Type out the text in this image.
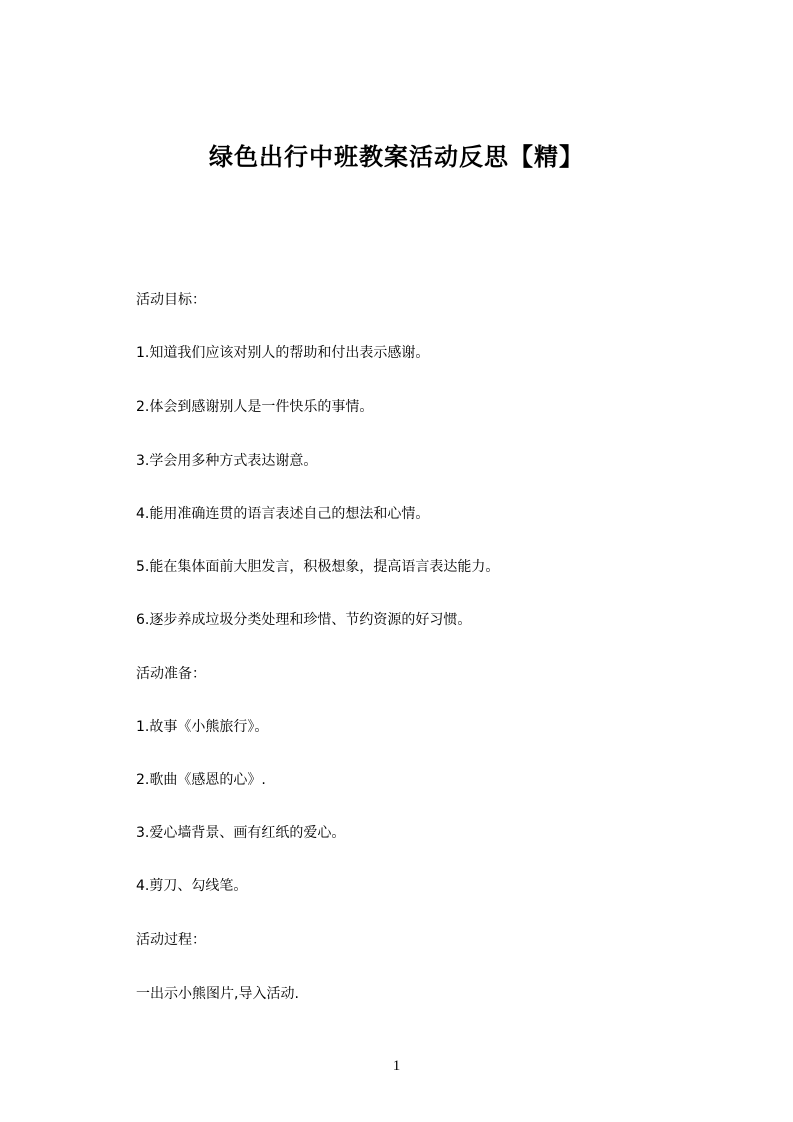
绿色出行中班教案活动反思【精】
活动目标：
1.知道我们应该对别人的帮助和付出表示感谢。
2.体会到感谢别人是一件快乐的事情。
3.学会用多种方式表达谢意。
4.能用准确连贯的语言表述自己的想法和心情。
5.能在集体面前大胆发言，积极想象，提高语言表达能力。
6.逐步养成垃圾分类处理和珍惜、节约资源的好习惯。
活动准备：
1.故事《小熊旅行》。
2.歌曲《感恩的心》.
3.爱心墙背景、画有红纸的爱心。
4.剪刀、勾线笔。
活动过程：
一出示小熊图片,导入活动.
1
